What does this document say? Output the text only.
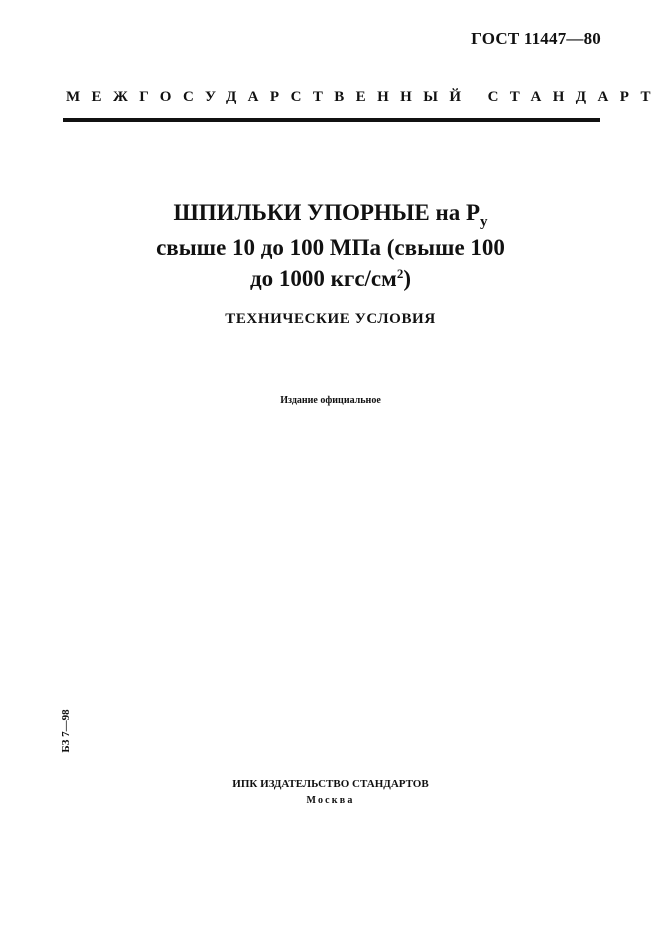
ГОСТ 11447—80
МЕЖГОСУДАРСТВЕННЫЙ СТАНДАРТ
ШПИЛЬКИ УПОРНЫЕ на $Р_у$
свыше 10 до 100 МПа (свыше 100
до 1000 кгс/$см^2$)
ТЕХНИЧЕСКИЕ УСЛОВИЯ
Издание официальное
БЗ 7—98
ИПК ИЗДАТЕЛЬСТВО СТАНДАРТОВ
Москва
